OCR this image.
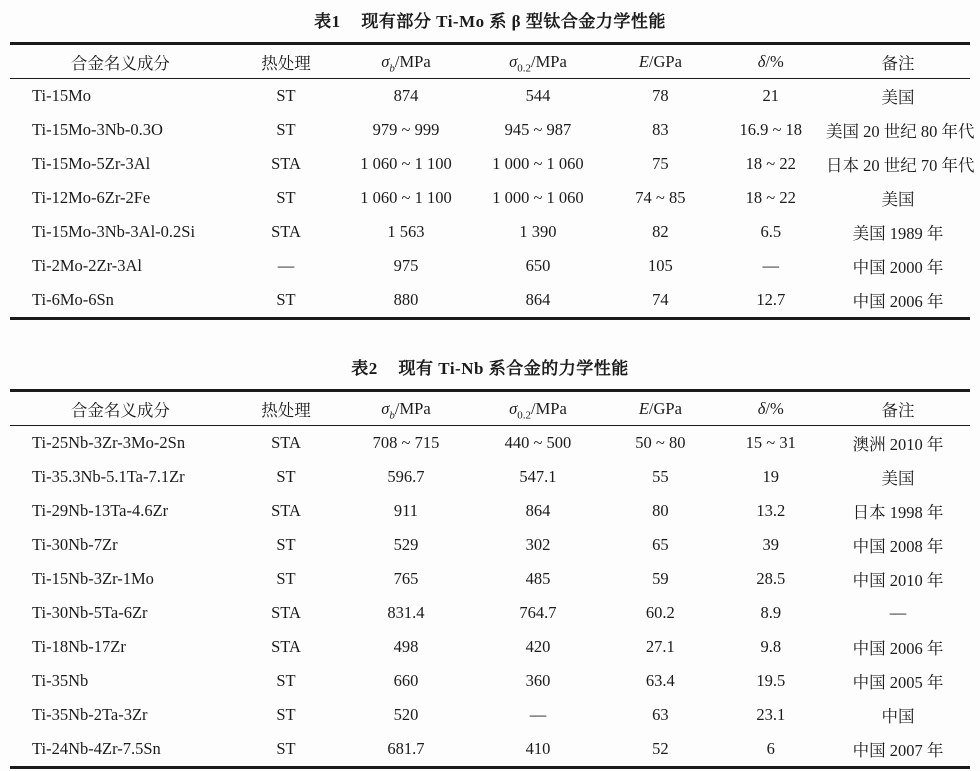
表1 现有部分 Ti-Mo 系 β 型钛合金力学性能
合金名义成分	热处理	$\sigma_b$/MPa	$\sigma_{0.2}$/MPa	E/GPa	δ/%	备注
Ti-15Mo	ST	874	544	78	21	美国
Ti-15Mo-3Nb-0.3O	ST	979 ~ 999	945 ~ 987	83	16.9 ~ 18	美国 20 世纪 80 年代
Ti-15Mo-5Zr-3Al	STA	1 060 ~ 1 100	1 000 ~ 1 060	75	18 ~ 22	日本 20 世纪 70 年代
Ti-12Mo-6Zr-2Fe	ST	1 060 ~ 1 100	1 000 ~ 1 060	74 ~ 85	18 ~ 22	美国
Ti-15Mo-3Nb-3Al-0.2Si	STA	1 563	1 390	82	6.5	美国 1989 年
Ti-2Mo-2Zr-3Al	—	975	650	105	—	中国 2000 年
Ti-6Mo-6Sn	ST	880	864	74	12.7	中国 2006 年
表2 现有 Ti-Nb 系合金的力学性能
合金名义成分	热处理	$\sigma_b$/MPa	$\sigma_{0.2}$/MPa	E/GPa	δ/%	备注
Ti-25Nb-3Zr-3Mo-2Sn	STA	708 ~ 715	440 ~ 500	50 ~ 80	15 ~ 31	澳洲 2010 年
Ti-35.3Nb-5.1Ta-7.1Zr	ST	596.7	547.1	55	19	美国
Ti-29Nb-13Ta-4.6Zr	STA	911	864	80	13.2	日本 1998 年
Ti-30Nb-7Zr	ST	529	302	65	39	中国 2008 年
Ti-15Nb-3Zr-1Mo	ST	765	485	59	28.5	中国 2010 年
Ti-30Nb-5Ta-6Zr	STA	831.4	764.7	60.2	8.9	—
Ti-18Nb-17Zr	STA	498	420	27.1	9.8	中国 2006 年
Ti-35Nb	ST	660	360	63.4	19.5	中国 2005 年
Ti-35Nb-2Ta-3Zr	ST	520	—	63	23.1	中国
Ti-24Nb-4Zr-7.5Sn	ST	681.7	410	52	6	中国 2007 年
